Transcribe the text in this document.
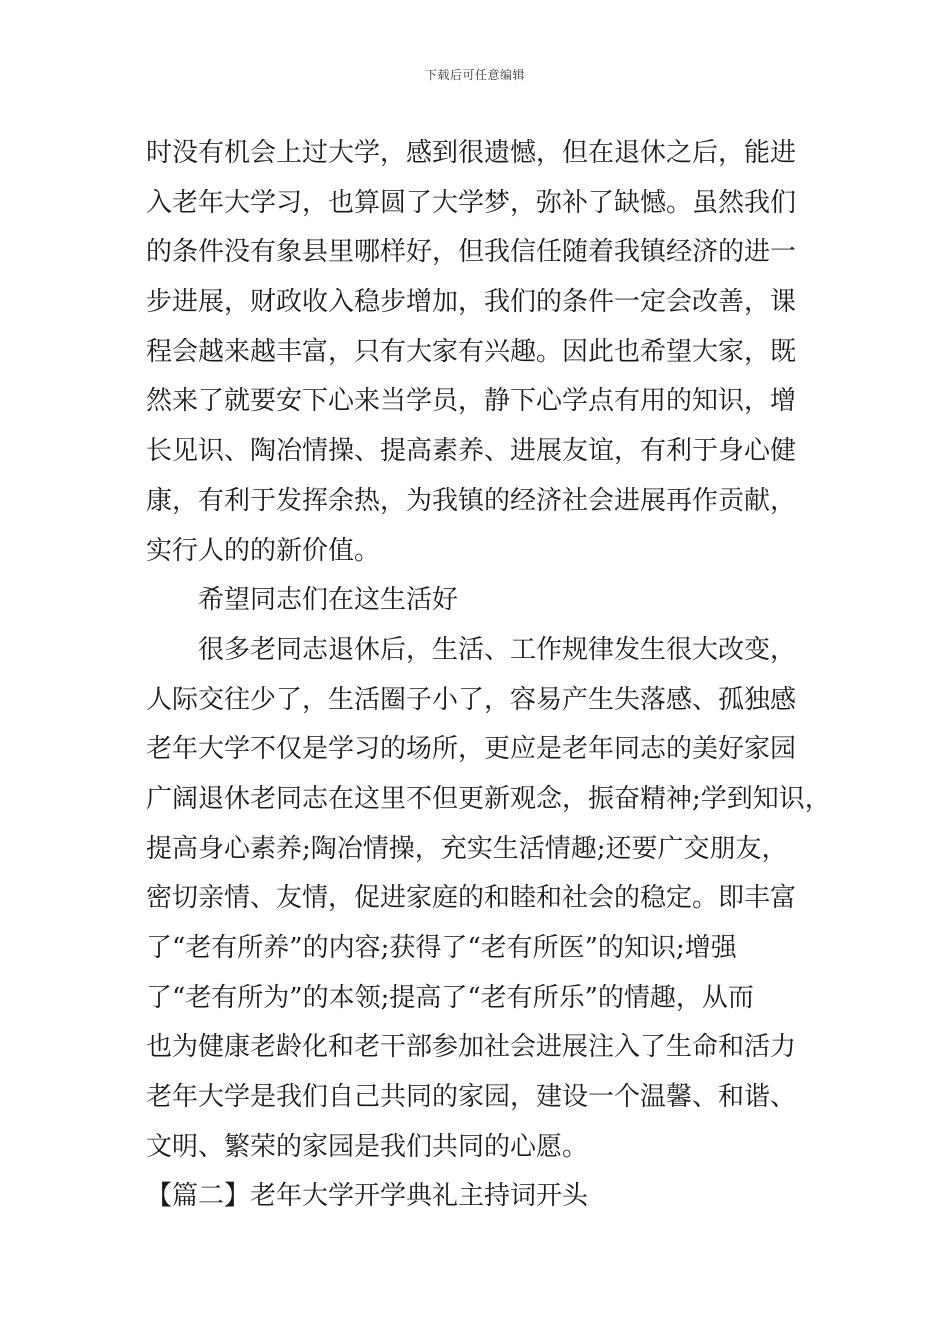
下载后可任意编辑
时没有机会上过大学，感到很遗憾，但在退休之后，能进
入老年大学习，也算圆了大学梦，弥补了缺憾。虽然我们
的条件没有象县里哪样好，但我信任随着我镇经济的进一
步进展，财政收入稳步增加，我们的条件一定会改善，课
程会越来越丰富，只有大家有兴趣。因此也希望大家，既
然来了就要安下心来当学员，静下心学点有用的知识，增
长见识、陶冶情操、提高素养、进展友谊，有利于身心健
康，有利于发挥余热，为我镇的经济社会进展再作贡献，
实行人的的新价值。
希望同志们在这生活好
很多老同志退休后，生活、工作规律发生很大改变，
人际交往少了，生活圈子小了，容易产生失落感、孤独感
老年大学不仅是学习的场所，更应是老年同志的美好家园
广阔退休老同志在这里不但更新观念，振奋精神;学到知识，
提高身心素养;陶冶情操，充实生活情趣;还要广交朋友，
密切亲情、友情，促进家庭的和睦和社会的稳定。即丰富
了“老有所养”的内容;获得了“老有所医”的知识;增强
了“老有所为”的本领;提高了“老有所乐”的情趣，从而
也为健康老龄化和老干部参加社会进展注入了生命和活力
老年大学是我们自己共同的家园，建设一个温馨、和谐、
文明、繁荣的家园是我们共同的心愿。
【篇二】老年大学开学典礼主持词开头
